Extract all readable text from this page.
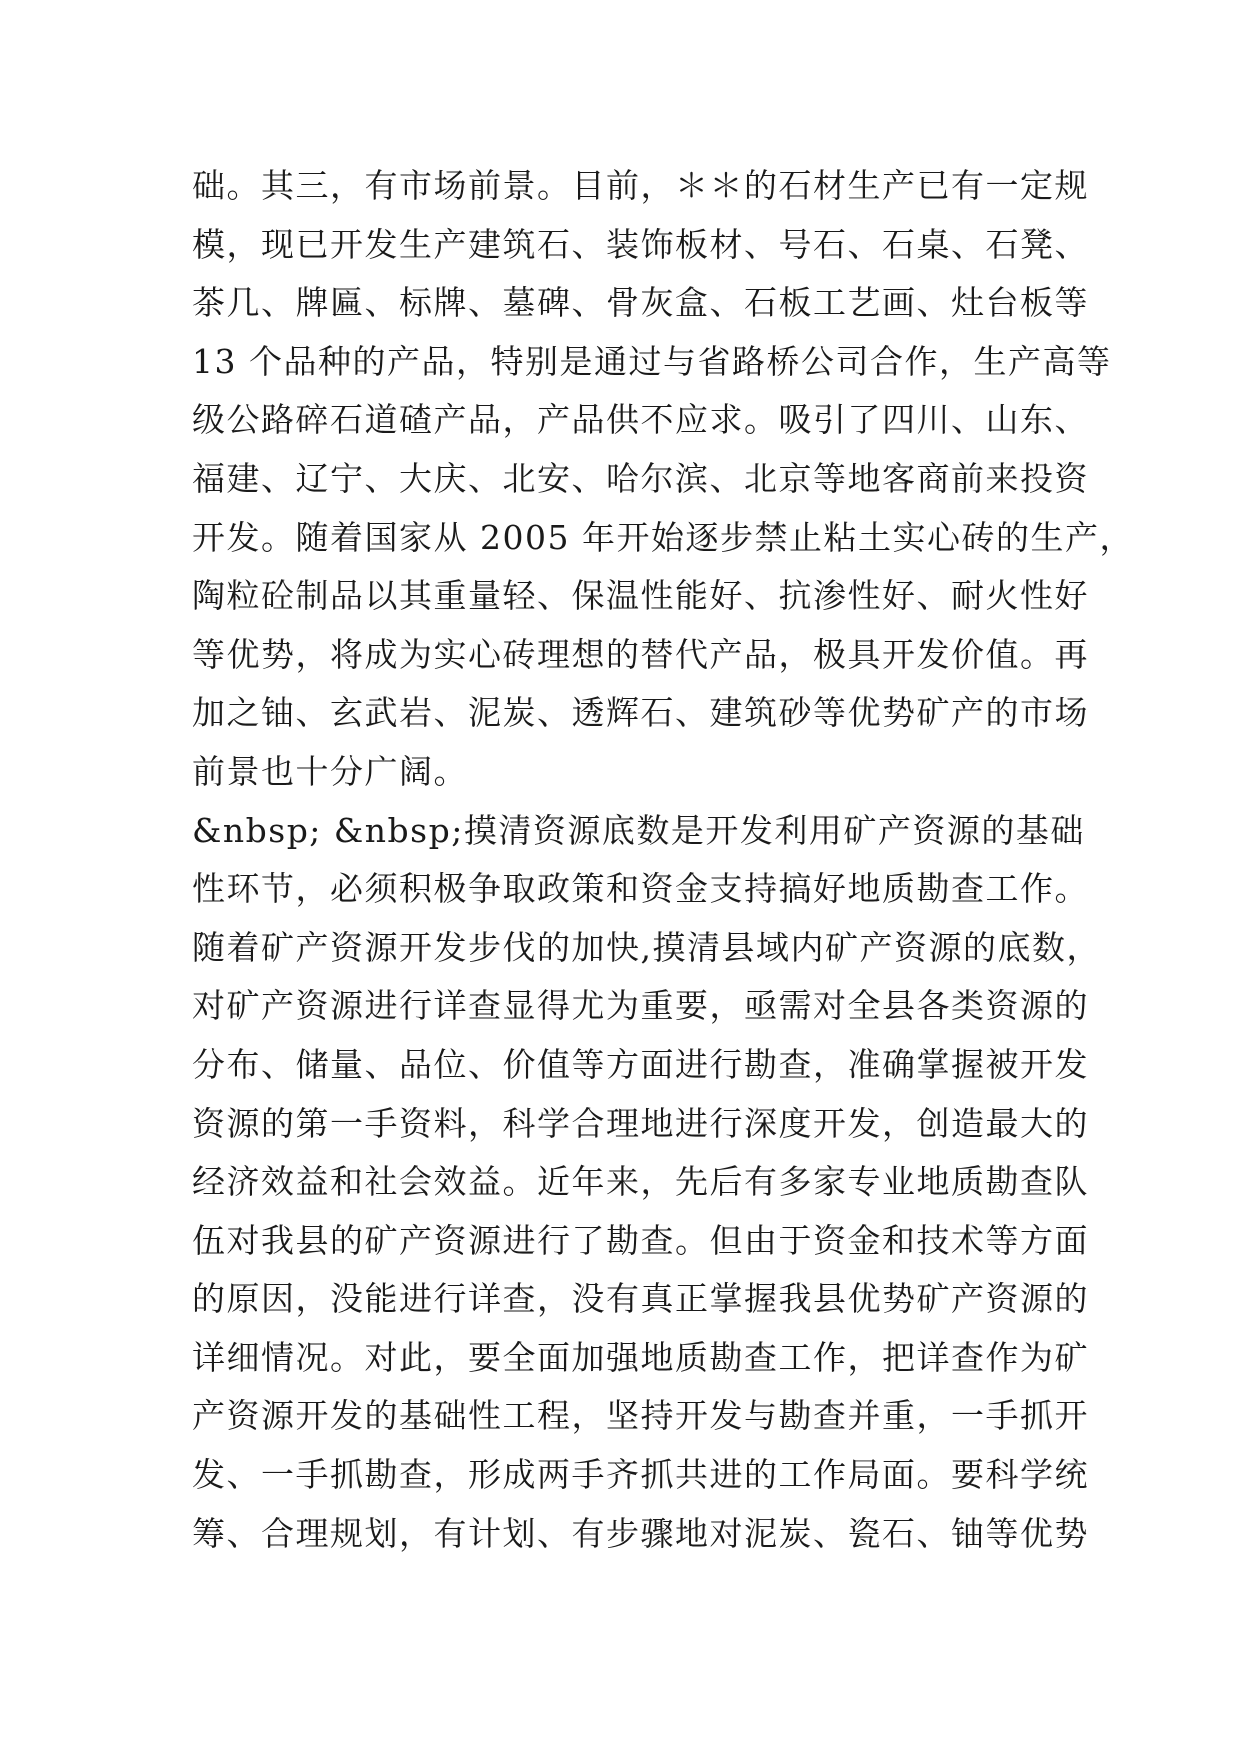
础。其三，有市场前景。目前，＊＊的石材生产已有一定规
模，现已开发生产建筑石、装饰板材、号石、石桌、石凳、
茶几、牌匾、标牌、墓碑、骨灰盒、石板工艺画、灶台板等
13 个品种的产品，特别是通过与省路桥公司合作，生产高等
级公路碎石道碴产品，产品供不应求。吸引了四川、山东、
福建、辽宁、大庆、北安、哈尔滨、北京等地客商前来投资
开发。随着国家从 2005 年开始逐步禁止粘土实心砖的生产，
陶粒砼制品以其重量轻、保温性能好、抗渗性好、耐火性好
等优势，将成为实心砖理想的替代产品，极具开发价值。再
加之铀、玄武岩、泥炭、透辉石、建筑砂等优势矿产的市场
前景也十分广阔。
&nbsp; &nbsp;摸清资源底数是开发利用矿产资源的基础
性环节，必须积极争取政策和资金支持搞好地质勘查工作。
随着矿产资源开发步伐的加快,摸清县域内矿产资源的底数，
对矿产资源进行详查显得尤为重要，亟需对全县各类资源的
分布、储量、品位、价值等方面进行勘查，准确掌握被开发
资源的第一手资料，科学合理地进行深度开发，创造最大的
经济效益和社会效益。近年来，先后有多家专业地质勘查队
伍对我县的矿产资源进行了勘查。但由于资金和技术等方面
的原因，没能进行详查，没有真正掌握我县优势矿产资源的
详细情况。对此，要全面加强地质勘查工作，把详查作为矿
产资源开发的基础性工程，坚持开发与勘查并重，一手抓开
发、一手抓勘查，形成两手齐抓共进的工作局面。要科学统
筹、合理规划，有计划、有步骤地对泥炭、瓷石、铀等优势
